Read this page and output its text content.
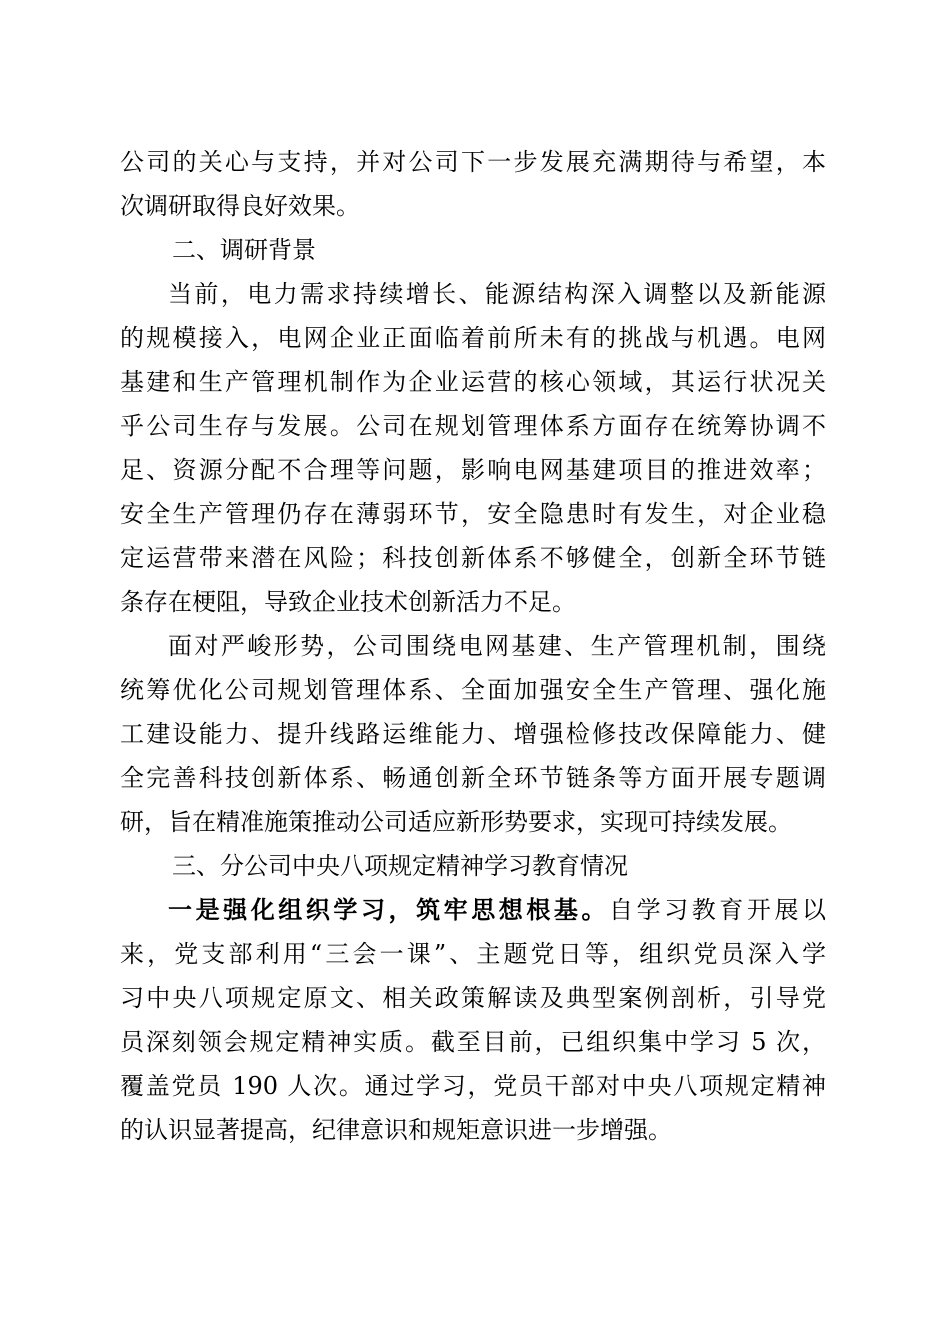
公司的关心与支持，并对公司下一步发展充满期待与希望，本
次调研取得良好效果。
二、调研背景
当前，电力需求持续增长、能源结构深入调整以及新能源
的规模接入，电网企业正面临着前所未有的挑战与机遇。电网
基建和生产管理机制作为企业运营的核心领域，其运行状况关
乎公司生存与发展。公司在规划管理体系方面存在统筹协调不
足、资源分配不合理等问题，影响电网基建项目的推进效率；
安全生产管理仍存在薄弱环节，安全隐患时有发生，对企业稳
定运营带来潜在风险；科技创新体系不够健全，创新全环节链
条存在梗阻，导致企业技术创新活力不足。
面对严峻形势，公司围绕电网基建、生产管理机制，围绕
统筹优化公司规划管理体系、全面加强安全生产管理、强化施
工建设能力、提升线路运维能力、增强检修技改保障能力、健
全完善科技创新体系、畅通创新全环节链条等方面开展专题调
研，旨在精准施策推动公司适应新形势要求，实现可持续发展。
三、分公司中央八项规定精神学习教育情况
一是强化组织学习，筑牢思想根基。自学习教育开展以
来，党支部利用“三会一课”、主题党日等，组织党员深入学
习中央八项规定原文、相关政策解读及典型案例剖析，引导党
员深刻领会规定精神实质。截至目前，已组织集中学习 5 次，
覆盖党员 190 人次。通过学习，党员干部对中央八项规定精神
的认识显著提高，纪律意识和规矩意识进一步增强。
